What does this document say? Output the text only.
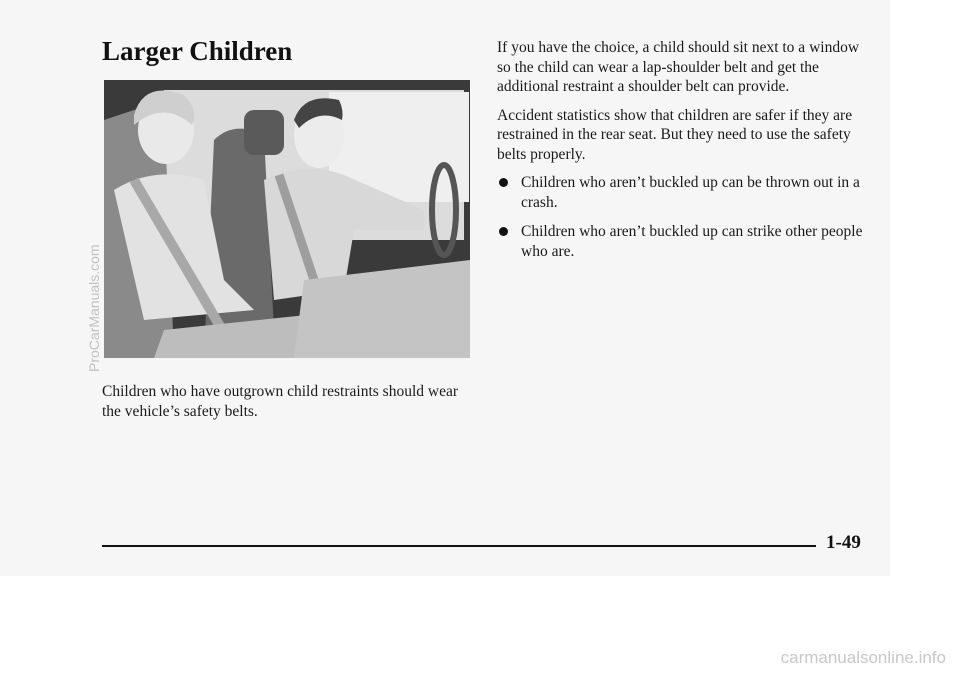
Larger Children

Children who have outgrown child restraints should wear the vehicle’s safety belts.

If you have the choice, a child should sit next to a window so the child can wear a lap-shoulder belt and get the additional restraint a shoulder belt can provide.

Accident statistics show that children are safer if they are restrained in the rear seat. But they need to use the safety belts properly.

Children who aren’t buckled up can be thrown out in a crash.
Children who aren’t buckled up can strike other people who are.
1-49
ProCarManuals.com
carmanualsonline.info
